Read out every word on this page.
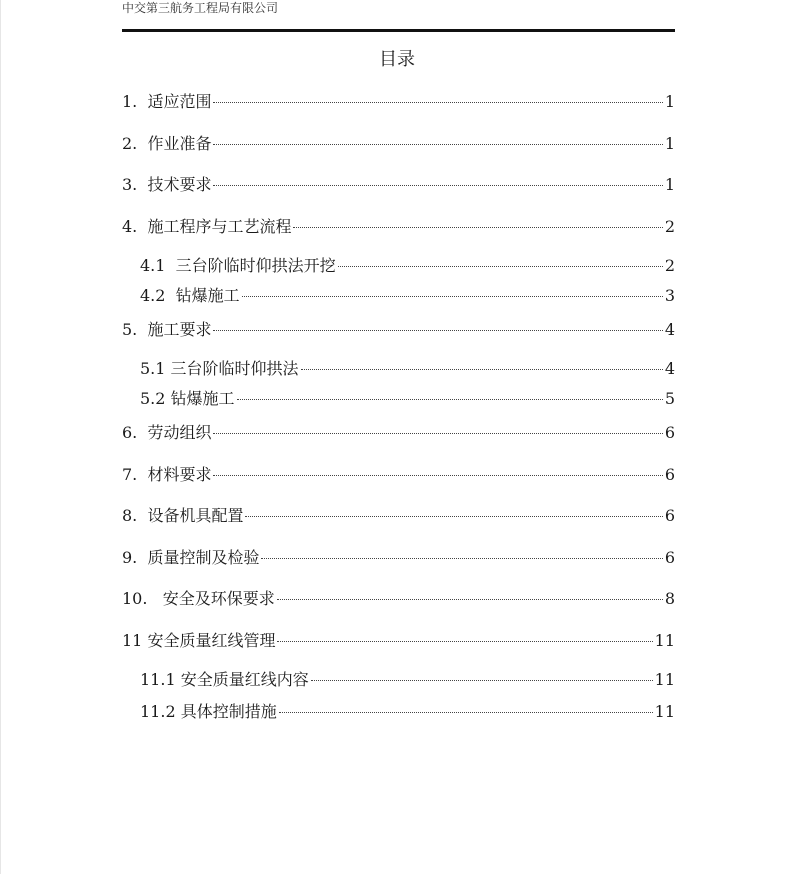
中交第三航务工程局有限公司
目录
1. 适应范围	1
2. 作业准备	1
3. 技术要求	1
4. 施工程序与工艺流程	2
4.1 三台阶临时仰拱法开挖	2
4.2 钻爆施工	3
5. 施工要求	4
5.1 三台阶临时仰拱法	4
5.2 钻爆施工	5
6. 劳动组织	6
7. 材料要求	6
8. 设备机具配置	6
9. 质量控制及检验	6
10. 安全及环保要求	8
11 安全质量红线管理	11
11.1 安全质量红线内容	11
11.2 具体控制措施	11
